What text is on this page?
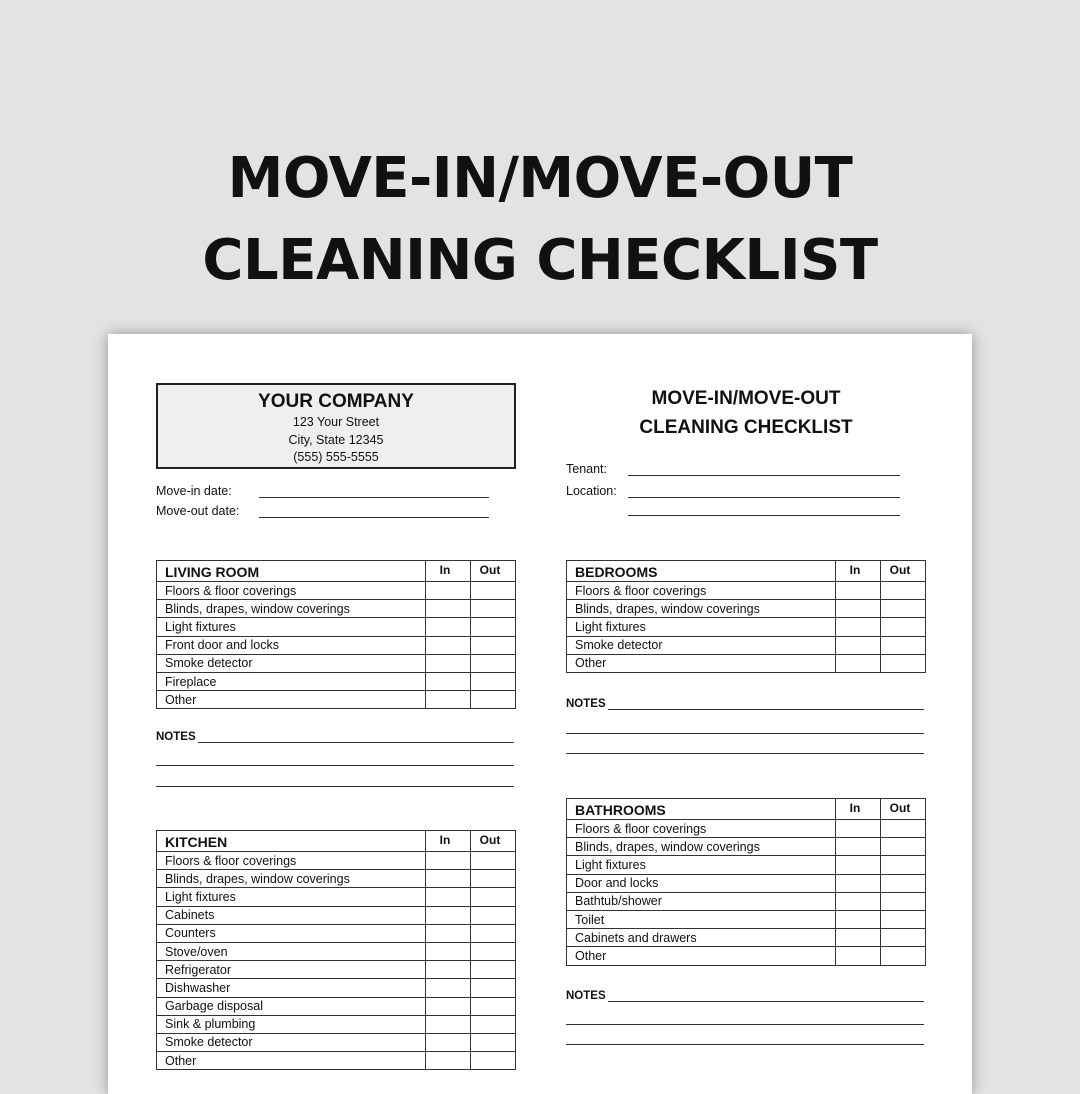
MOVE-IN/MOVE-OUT
CLEANING CHECKLIST
YOUR COMPANY
123 Your Street
City, State 12345
(555) 555-5555
MOVE-IN/MOVE-OUT
CLEANING CHECKLIST
Move-in date:
Move-out date:
Tenant:
Location:
LIVING ROOM	In	Out
Floors & floor coverings		
Blinds, drapes, window coverings		
Light fixtures		
Front door and locks		
Smoke detector		
Fireplace		
Other		
KITCHEN	In	Out
Floors & floor coverings		
Blinds, drapes, window coverings		
Light fixtures		
Cabinets		
Counters		
Stove/oven		
Refrigerator		
Dishwasher		
Garbage disposal		
Sink & plumbing		
Smoke detector		
Other		
BEDROOMS	In	Out
Floors & floor coverings		
Blinds, drapes, window coverings		
Light fixtures		
Smoke detector		
Other		
BATHROOMS	In	Out
Floors & floor coverings		
Blinds, drapes, window coverings		
Light fixtures		
Door and locks		
Bathtub/shower		
Toilet		
Cabinets and drawers		
Other		
NOTES
NOTES
NOTES
